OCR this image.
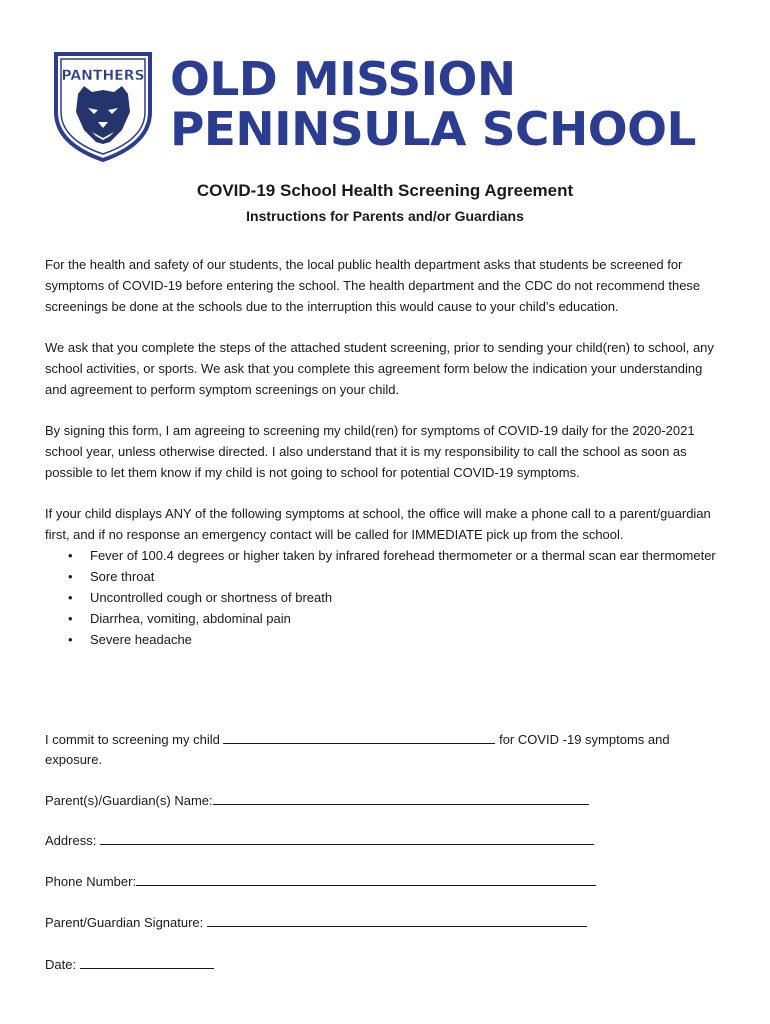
PANTHERS OLD MISSION
PENINSULA SCHOOL
COVID-19 School Health Screening Agreement
Instructions for Parents and/or Guardians

For the health and safety of our students, the local public health department asks that students be screened for symptoms of COVID-19 before entering the school. The health department and the CDC do not recommend these screenings be done at the schools due to the interruption this would cause to your child’s education.

We ask that you complete the steps of the attached student screening, prior to sending your child(ren) to school, any school activities, or sports. We ask that you complete this agreement form below the indication your understanding and agreement to perform symptom screenings on your child.

By signing this form, I am agreeing to screening my child(ren) for symptoms of COVID-19 daily for the 2020-2021 school year, unless otherwise directed. I also understand that it is my responsibility to call the school as soon as possible to let them know if my child is not going to school for potential COVID-19 symptoms.

If your child displays ANY of the following symptoms at school, the office will make a phone call to a parent/guardian first, and if no response an emergency contact will be called for IMMEDIATE pick up from the school.

• Fever of 100.4 degrees or higher taken by infrared forehead thermometer or a thermal scan ear thermometer
• Sore throat
• Uncontrolled cough or shortness of breath
• Diarrhea, vomiting, abdominal pain
• Severe headache
I commit to screening my child	for COVID -19 symptoms and
exposure.
Parent(s)/Guardian(s) Name:
Address:
Phone Number:
Parent/Guardian Signature:
Date:
